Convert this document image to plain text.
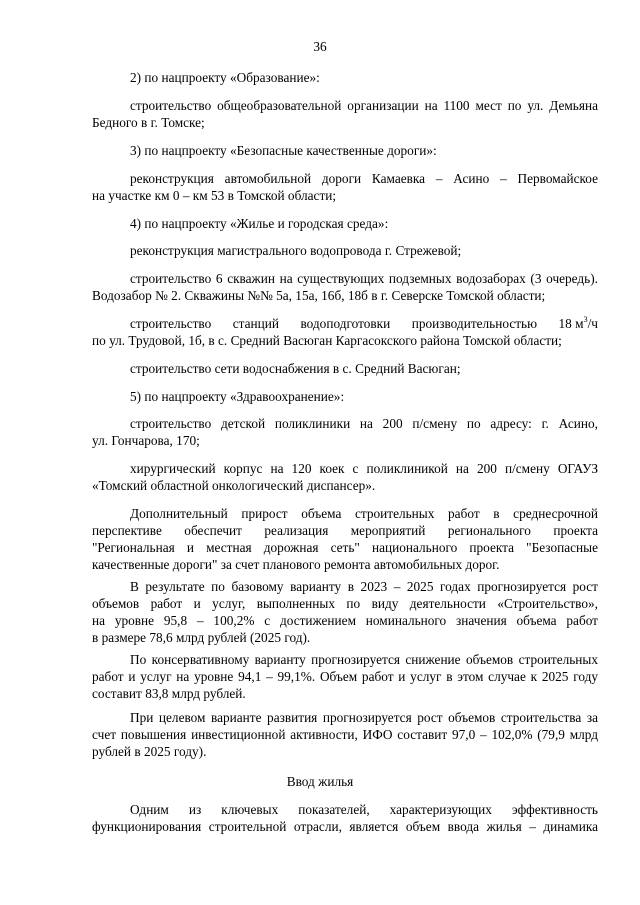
36

2) по нацпроекту «Образование»:

строительство общеобразовательной организации на 1100 мест по ул. Демьяна

Бедного в г. Томске;

3) по нацпроекту «Безопасные качественные дороги»:

реконструкция автомобильной дороги Камаевка – Асино – Первомайское

на участке км 0 – км 53 в Томской области;

4) по нацпроекту «Жилье и городская среда»:

реконструкция магистрального водопровода г. Стрежевой;

строительство 6 скважин на существующих подземных водозаборах (3 очередь).

Водозабор № 2. Скважины №№ 5а, 15а, 16б, 18б в г. Северске Томской области;

строительство станций водоподготовки производительностью 18 $м^3/ч$

по ул. Трудовой, 1б, в с. Средний Васюган Каргасокского района Томской области;

строительство сети водоснабжения в с. Средний Васюган;

5) по нацпроекту «Здравоохранение»:

строительство детской поликлиники на 200 п/смену по адресу: г. Асино,

ул. Гончарова, 170;

хирургический корпус на 120 коек с поликлиникой на 200 п/смену ОГАУЗ

«Томский областной онкологический диспансер».

Дополнительный прирост объема строительных работ в среднесрочной

перспективе обеспечит реализация мероприятий регионального проекта

"Региональная и местная дорожная сеть" национального проекта "Безопасные

качественные дороги" за счет планового ремонта автомобильных дорог.

В результате по базовому варианту в 2023 – 2025 годах прогнозируется рост

объемов работ и услуг, выполненных по виду деятельности «Строительство»,

на уровне 95,8 – 100,2% с достижением номинального значения объема работ

в размере 78,6 млрд рублей (2025 год).

По консервативному варианту прогнозируется снижение объемов строительных

работ и услуг на уровне 94,1 – 99,1%. Объем работ и услуг в этом случае к 2025 году

составит 83,8 млрд рублей.

При целевом варианте развития прогнозируется рост объемов строительства за

счет повышения инвестиционной активности, ИФО составит 97,0 – 102,0% (79,9 млрд

рублей в 2025 году).

Ввод жилья

Одним из ключевых показателей, характеризующих эффективность

функционирования строительной отрасли, является объем ввода жилья – динамика
